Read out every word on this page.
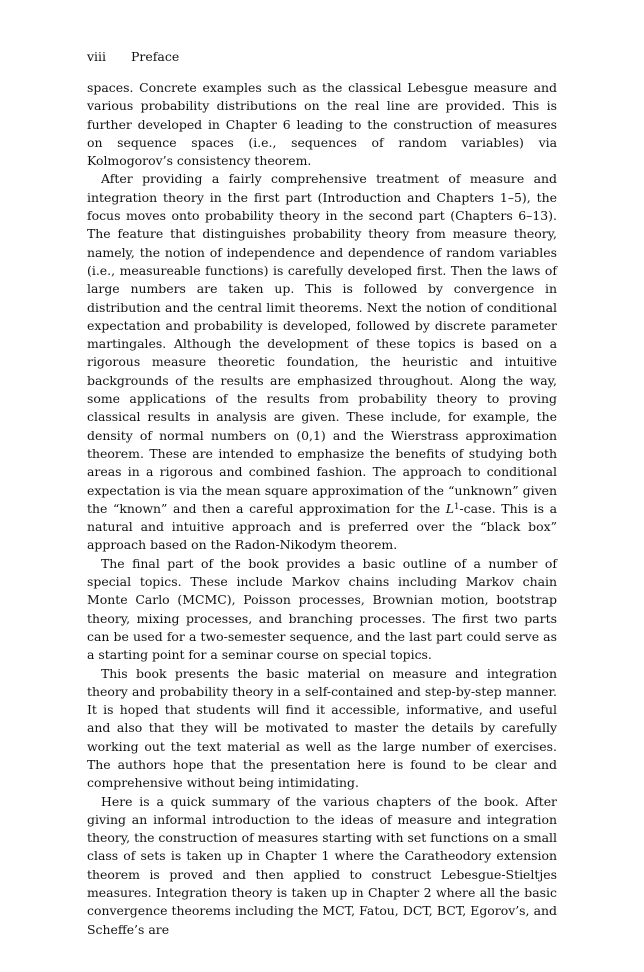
viii Preface

spaces. Concrete examples such as the classical Lebesgue measure and various probability distributions on the real line are provided. This is further developed in Chapter 6 leading to the construction of measures on sequence spaces (i.e., sequences of random variables) via Kolmogorov’s consistency theorem.

After providing a fairly comprehensive treatment of measure and integration theory in the first part (Introduction and Chapters 1–5), the focus moves onto probability theory in the second part (Chapters 6–13). The feature that distinguishes probability theory from measure theory, namely, the notion of independence and dependence of random variables (i.e., measureable functions) is carefully developed first. Then the laws of large numbers are taken up. This is followed by convergence in distribution and the central limit theorems. Next the notion of conditional expectation and probability is developed, followed by discrete parameter martingales. Although the development of these topics is based on a rigorous measure theoretic foundation, the heuristic and intuitive backgrounds of the results are emphasized throughout. Along the way, some applications of the results from probability theory to proving classical results in analysis are given. These include, for example, the density of normal numbers on (0,1) and the Wierstrass approximation theorem. These are intended to emphasize the benefits of studying both areas in a rigorous and combined fashion. The approach to conditional expectation is via the mean square approximation of the “unknown” given the “known” and then a careful approximation for the $L^1$-case. This is a natural and intuitive approach and is preferred over the “black box” approach based on the Radon-Nikodym theorem.

The final part of the book provides a basic outline of a number of special topics. These include Markov chains including Markov chain Monte Carlo (MCMC), Poisson processes, Brownian motion, bootstrap theory, mixing processes, and branching processes. The first two parts can be used for a two-semester sequence, and the last part could serve as a starting point for a seminar course on special topics.

This book presents the basic material on measure and integration theory and probability theory in a self-contained and step-by-step manner. It is hoped that students will find it accessible, informative, and useful and also that they will be motivated to master the details by carefully working out the text material as well as the large number of exercises. The authors hope that the presentation here is found to be clear and comprehensive without being intimidating.

Here is a quick summary of the various chapters of the book. After giving an informal introduction to the ideas of measure and integration theory, the construction of measures starting with set functions on a small class of sets is taken up in Chapter 1 where the Caratheodory extension theorem is proved and then applied to construct Lebesgue-Stieltjes measures. Integration theory is taken up in Chapter 2 where all the basic convergence theorems including the MCT, Fatou, DCT, BCT, Egorov’s, and Scheffe’s are
